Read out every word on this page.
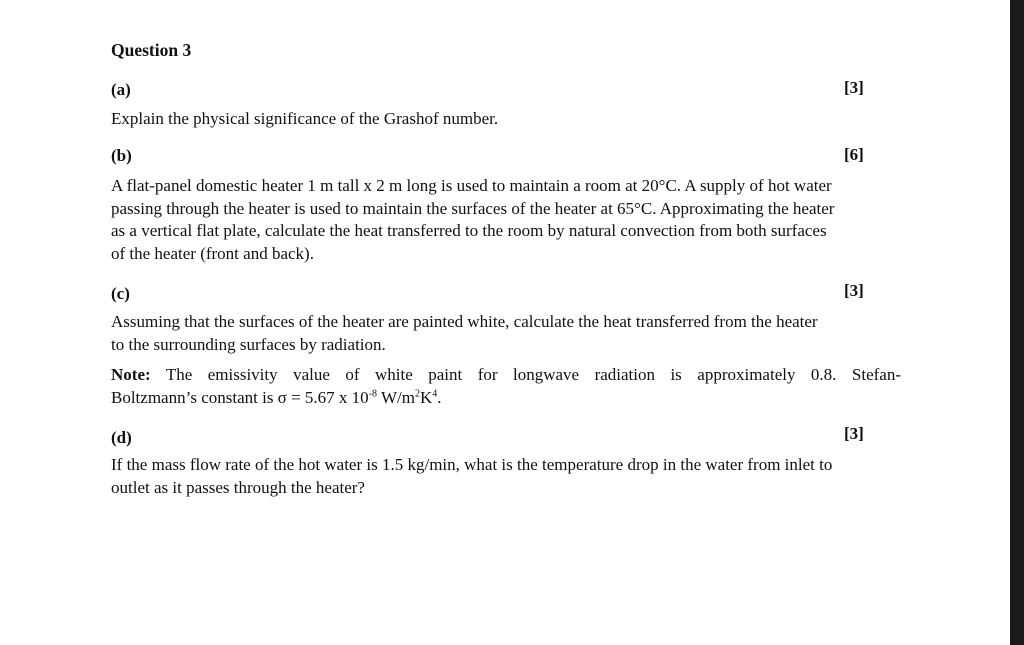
Question 3
(a)	[3]
Explain the physical significance of the Grashof number.
(b)	[6]
A flat-panel domestic heater 1 m tall x 2 m long is used to maintain a room at 20°C. A supply of hot water
passing through the heater is used to maintain the surfaces of the heater at 65°C. Approximating the heater
as a vertical flat plate, calculate the heat transferred to the room by natural convection from both surfaces
of the heater (front and back).
(c)	[3]
Assuming that the surfaces of the heater are painted white, calculate the heat transferred from the heater
to the surrounding surfaces by radiation.
Note: The emissivity value of white paint for longwave radiation is approximately 0.8. Stefan-
Boltzmann’s constant is σ = 5.67 x $10^{-8}$ $W/m^2K^4$.
(d)	[3]
If the mass flow rate of the hot water is 1.5 kg/min, what is the temperature drop in the water from inlet to
outlet as it passes through the heater?
